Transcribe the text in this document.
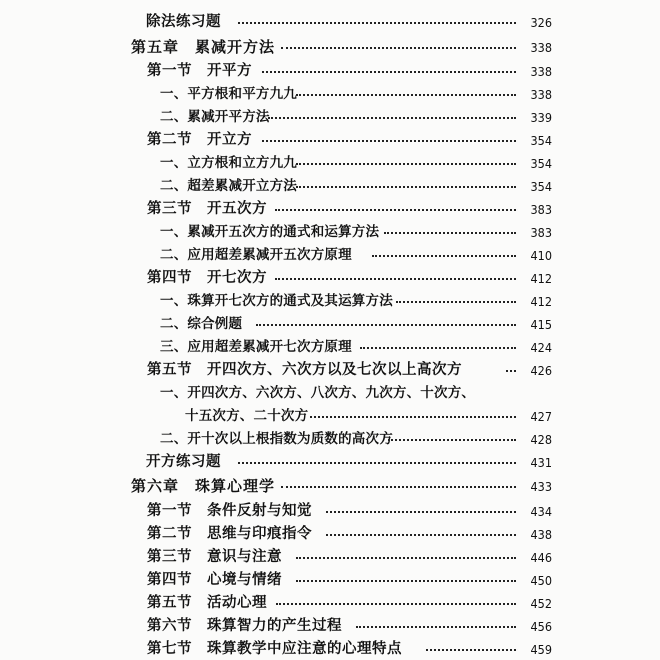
除法练习题	326
第五章　累减开方法	338
第一节　开平方	338
一、平方根和平方九九	338
二、累减开平方法	339
第二节　开立方	354
一、立方根和立方九九	354
二、超差累减开立方法	354
第三节　开五次方	383
一、累减开五次方的通式和运算方法	383
二、应用超差累减开五次方原理	410
第四节　开七次方	412
一、珠算开七次方的通式及其运算方法	412
二、综合例题	415
三、应用超差累减开七次方原理	424
第五节　开四次方、六次方以及七次以上高次方	426
一、开四次方、六次方、八次方、九次方、十次方、
十五次方、二十次方	427
二、开十次以上根指数为质数的高次方	428
开方练习题	431
第六章　珠算心理学	433
第一节　条件反射与知觉	434
第二节　思维与印痕指令	438
第三节　意识与注意	446
第四节　心境与情绪	450
第五节　活动心理	452
第六节　珠算智力的产生过程	456
第七节　珠算教学中应注意的心理特点	459
